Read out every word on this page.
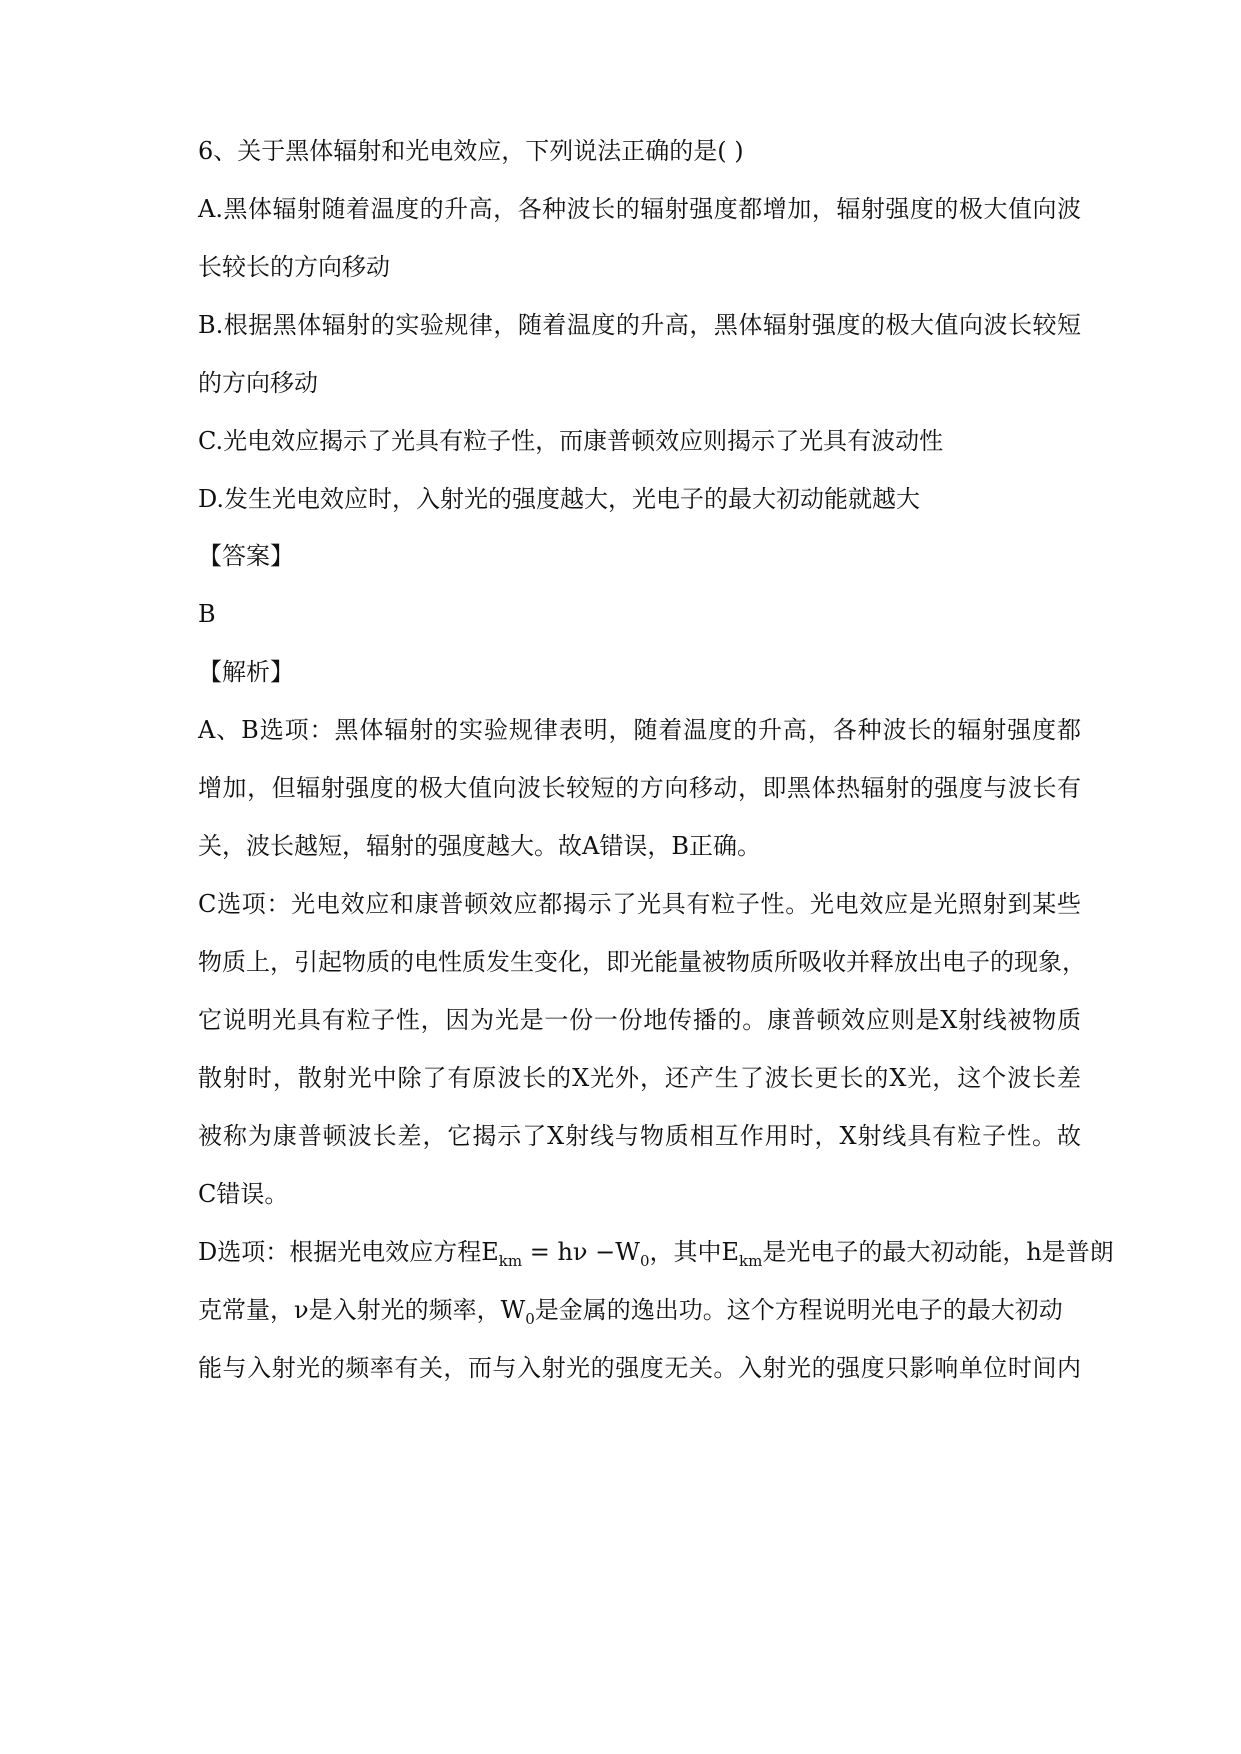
6、关于黑体辐射和光电效应，下列说法正确的是( )
A.黑体辐射随着温度的升高，各种波长的辐射强度都增加，辐射强度的极大值向波
长较长的方向移动
B.根据黑体辐射的实验规律，随着温度的升高，黑体辐射强度的极大值向波长较短
的方向移动
C.光电效应揭示了光具有粒子性，而康普顿效应则揭示了光具有波动性
D.发生光电效应时，入射光的强度越大，光电子的最大初动能就越大
【答案】
B
【解析】
A、B选项：黑体辐射的实验规律表明，随着温度的升高，各种波长的辐射强度都
增加，但辐射强度的极大值向波长较短的方向移动，即黑体热辐射的强度与波长有
关，波长越短，辐射的强度越大。故A错误，B正确。
C选项：光电效应和康普顿效应都揭示了光具有粒子性。光电效应是光照射到某些
物质上，引起物质的电性质发生变化，即光能量被物质所吸收并释放出电子的现象，
它说明光具有粒子性，因为光是一份一份地传播的。康普顿效应则是X射线被物质
散射时，散射光中除了有原波长的X光外，还产生了波长更长的X光，这个波长差
被称为康普顿波长差，它揭示了X射线与物质相互作用时，X射线具有粒子性。故
C错误。
D选项：根据光电效应方程$E_{km} = h\nu -W_0$，其中$E_{km}$是光电子的最大初动能，h是普朗
克常量，ν是入射光的频率，$W_0$是金属的逸出功。这个方程说明光电子的最大初动
能与入射光的频率有关，而与入射光的强度无关。入射光的强度只影响单位时间内
